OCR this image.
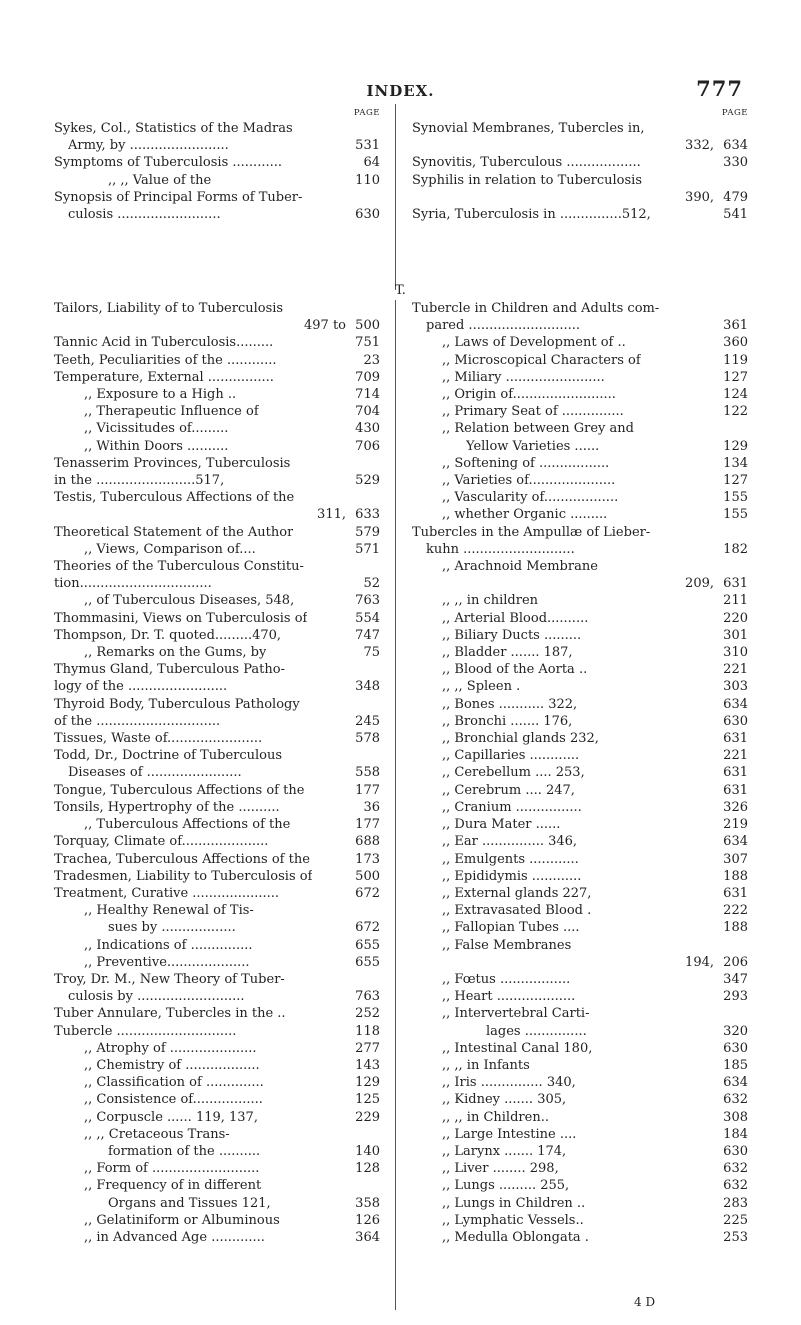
INDEX.	777
PAGE
Sykes, Col., Statistics of the Madras
Army, by ........................	531
Symptoms of Tuberculosis ............	64
,, ,, Value of the	110
Synopsis of Principal Forms of Tuber-
culosis .........................	630
PAGE
Synovial Membranes, Tubercles in,
332, 634
Synovitis, Tuberculous ..................	330
Syphilis in relation to Tuberculosis
390, 479
Syria, Tuberculosis in ...............512,	541
T.
Tailors, Liability of to Tuberculosis
497 to 500
Tannic Acid in Tuberculosis.........	751
Teeth, Peculiarities of the ............	23
Temperature, External ................	709
,, Exposure to a High ..	714
,, Therapeutic Influence of	704
,, Vicissitudes of.........	430
,, Within Doors ..........	706
Tenasserim Provinces, Tuberculosis
in the ........................517,	529
Testis, Tuberculous Affections of the
311, 633
Theoretical Statement of the Author	579
,, Views, Comparison of....	571
Theories of the Tuberculous Constitu-
tion................................	52
,, of Tuberculous Diseases, 548,	763
Thommasini, Views on Tuberculosis of	554
Thompson, Dr. T. quoted.........470,	747
,, Remarks on the Gums, by	75
Thymus Gland, Tuberculous Patho-
logy of the ........................	348
Thyroid Body, Tuberculous Pathology
of the ..............................	245
Tissues, Waste of.......................	578
Todd, Dr., Doctrine of Tuberculous
Diseases of .......................	558
Tongue, Tuberculous Affections of the	177
Tonsils, Hypertrophy of the ..........	36
,, Tuberculous Affections of the	177
Torquay, Climate of.....................	688
Trachea, Tuberculous Affections of the	173
Tradesmen, Liability to Tuberculosis of	500
Treatment, Curative .....................	672
,, Healthy Renewal of Tis-
sues by ..................	672
,, Indications of ...............	655
,, Preventive....................	655
Troy, Dr. M., New Theory of Tuber-
culosis by ..........................	763
Tuber Annulare, Tubercles in the ..	252
Tubercle .............................	118
,, Atrophy of .....................	277
,, Chemistry of ..................	143
,, Classification of ..............	129
,, Consistence of.................	125
,, Corpuscle ...... 119, 137,	229
,, ,, Cretaceous Trans-
formation of the ..........	140
,, Form of ..........................	128
,, Frequency of in different
Organs and Tissues 121,	358
,, Gelatiniform or Albuminous	126
,, in Advanced Age .............	364
Tubercle in Children and Adults com-
pared ...........................	361
,, Laws of Development of ..	360
,, Microscopical Characters of	119
,, Miliary ........................	127
,, Origin of.........................	124
,, Primary Seat of ...............	122
,, Relation between Grey and
Yellow Varieties ......	129
,, Softening of .................	134
,, Varieties of.....................	127
,, Vascularity of..................	155
,, whether Organic .........	155
Tubercles in the Ampullæ of Lieber-
kuhn ...........................	182
,, Arachnoid Membrane
209, 631
,, ,, in children	211
,, Arterial Blood..........	220
,, Biliary Ducts .........	301
,, Bladder ....... 187,	310
,, Blood of the Aorta ..	221
,, ,, Spleen .	303
,, Bones ........... 322,	634
,, Bronchi ....... 176,	630
,, Bronchial glands 232,	631
,, Capillaries ............	221
,, Cerebellum .... 253,	631
,, Cerebrum .... 247,	631
,, Cranium ................	326
,, Dura Mater ......	219
,, Ear ............... 346,	634
,, Emulgents ............	307
,, Epididymis ............	188
,, External glands 227,	631
,, Extravasated Blood .	222
,, Fallopian Tubes ....	188
,, False Membranes
194, 206
,, Fœtus .................	347
,, Heart ...................	293
,, Intervertebral Carti-
lages ...............	320
,, Intestinal Canal 180,	630
,, ,, in Infants	185
,, Iris ............... 340,	634
,, Kidney ....... 305,	632
,, ,, in Children..	308
,, Large Intestine ....	184
,, Larynx ....... 174,	630
,, Liver ........ 298,	632
,, Lungs ......... 255,	632
,, Lungs in Children ..	283
,, Lymphatic Vessels..	225
,, Medulla Oblongata .	253
4 D
